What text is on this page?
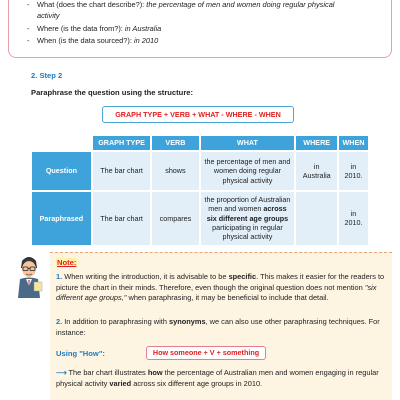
- What (does the chart describe?): the percentage of men and women doing regular physical
activity
- Where (is the data from?): in Australia
- When (is the data sourced?): in 2010
2. Step 2
Paraphrase the question using the structure:
GRAPH TYPE + VERB + WHAT - WHERE - WHEN
	GRAPH TYPE	VERB	WHAT	WHERE	WHEN
Question	The bar chart	shows	the percentage of men and women doing regular physical activity	in Australia	in 2010.
Paraphrased	The bar chart	compares	the proportion of Australian men and women across six different age groups participating in regular physical activity		in 2010.
Note:
1. When writing the introduction, it is advisable to be specific. This makes it easier for the readers to picture the chart in their minds. Therefore, even though the original question does not mention "six different age groups," when paraphrasing, it may be beneficial to include that detail.
2. In addition to paraphrasing with synonyms, we can also use other paraphrasing techniques. For instance:
Using "How":	How someone + V + something
⟶ The bar chart illustrates how the percentage of Australian men and women engaging in regular physical activity varied across six different age groups in 2010.
